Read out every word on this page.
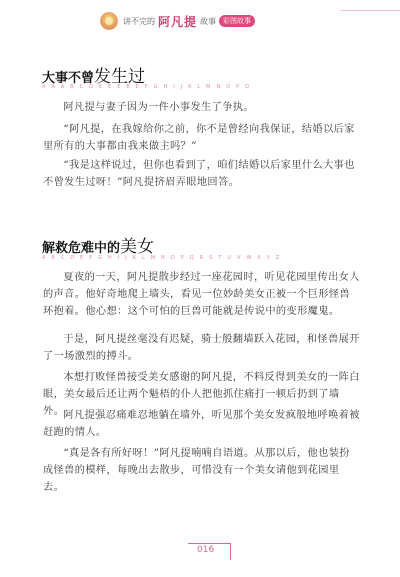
讲不完的 阿凡提 故事	彩图故事
大事不曾发生过
A A A B C D E E E E E F G H I J K L M N O P Q

阿凡提与妻子因为一件小事发生了争执。

“阿凡提，在我嫁给你之前，你不是曾经向我保证，结婚以后家里所有的大事都由我来做主吗？”

“我是这样说过，但你也看到了，咱们结婚以后家里什么大事也不曾发生过呀！”阿凡提挤眉弄眼地回答。

解救危难中的美女
A B C D E F G H I J K L M N O P Q R S T U V W X Y Z

夏夜的一天，阿凡提散步经过一座花园时，听见花园里传出女人的声音。他好奇地爬上墙头，看见一位妙龄美女正被一个巨形怪兽环抱着。他心想：这个可怕的巨兽可能就是传说中的变形魔鬼。

于是，阿凡提丝毫没有迟疑，骑士般翻墙跃入花园，和怪兽展开了一场激烈的搏斗。

本想打败怪兽接受美女感谢的阿凡提，不料反得到美女的一阵白眼，美女最后还让两个魁梧的仆人把他抓住痛打一顿后扔到了墙外。 阿凡提强忍痛难忍地躺在墙外，听见那个美女发疯般地呼唤着被赶跑的情人。

“真是各有所好呀！”阿凡提喃喃自语道。从那以后，他也装扮成怪兽的模样，每晚出去散步，可惜没有一个美女请他到花园里去。

016
